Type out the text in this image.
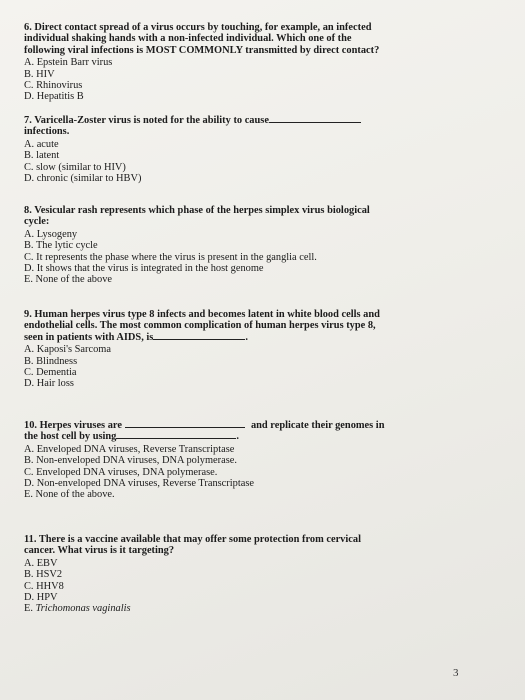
6. Direct contact spread of a virus occurs by touching, for example, an infected
individual shaking hands with a non-infected individual. Which one of the
following viral infections is MOST COMMONLY transmitted by direct contact?
A. Epstein Barr virus
B. HIV
C. Rhinovirus
D. Hepatitis B
7. Varicella-Zoster virus is noted for the ability to cause
infections.
A. acute
B. latent
C. slow (similar to HIV)
D. chronic (similar to HBV)
8. Vesicular rash represents which phase of the herpes simplex virus biological
cycle:
A. Lysogeny
B. The lytic cycle
C. It represents the phase where the virus is present in the ganglia cell.
D. It shows that the virus is integrated in the host genome
E. None of the above
9. Human herpes virus type 8 infects and becomes latent in white blood cells and
endothelial cells. The most common complication of human herpes virus type 8,
seen in patients with AIDS, is	.
A. Kaposi's Sarcoma
B. Blindness
C. Dementia
D. Hair loss
10. Herpes viruses are	and replicate their genomes in
the host cell by using	.
A. Enveloped DNA viruses, Reverse Transcriptase
B. Non-enveloped DNA viruses, DNA polymerase.
C. Enveloped DNA viruses, DNA polymerase.
D. Non-enveloped DNA viruses, Reverse Transcriptase
E. None of the above.
11. There is a vaccine available that may offer some protection from cervical
cancer. What virus is it targeting?
A. EBV
B. HSV2
C. HHV8
D. HPV
E. Trichomonas vaginalis
3
